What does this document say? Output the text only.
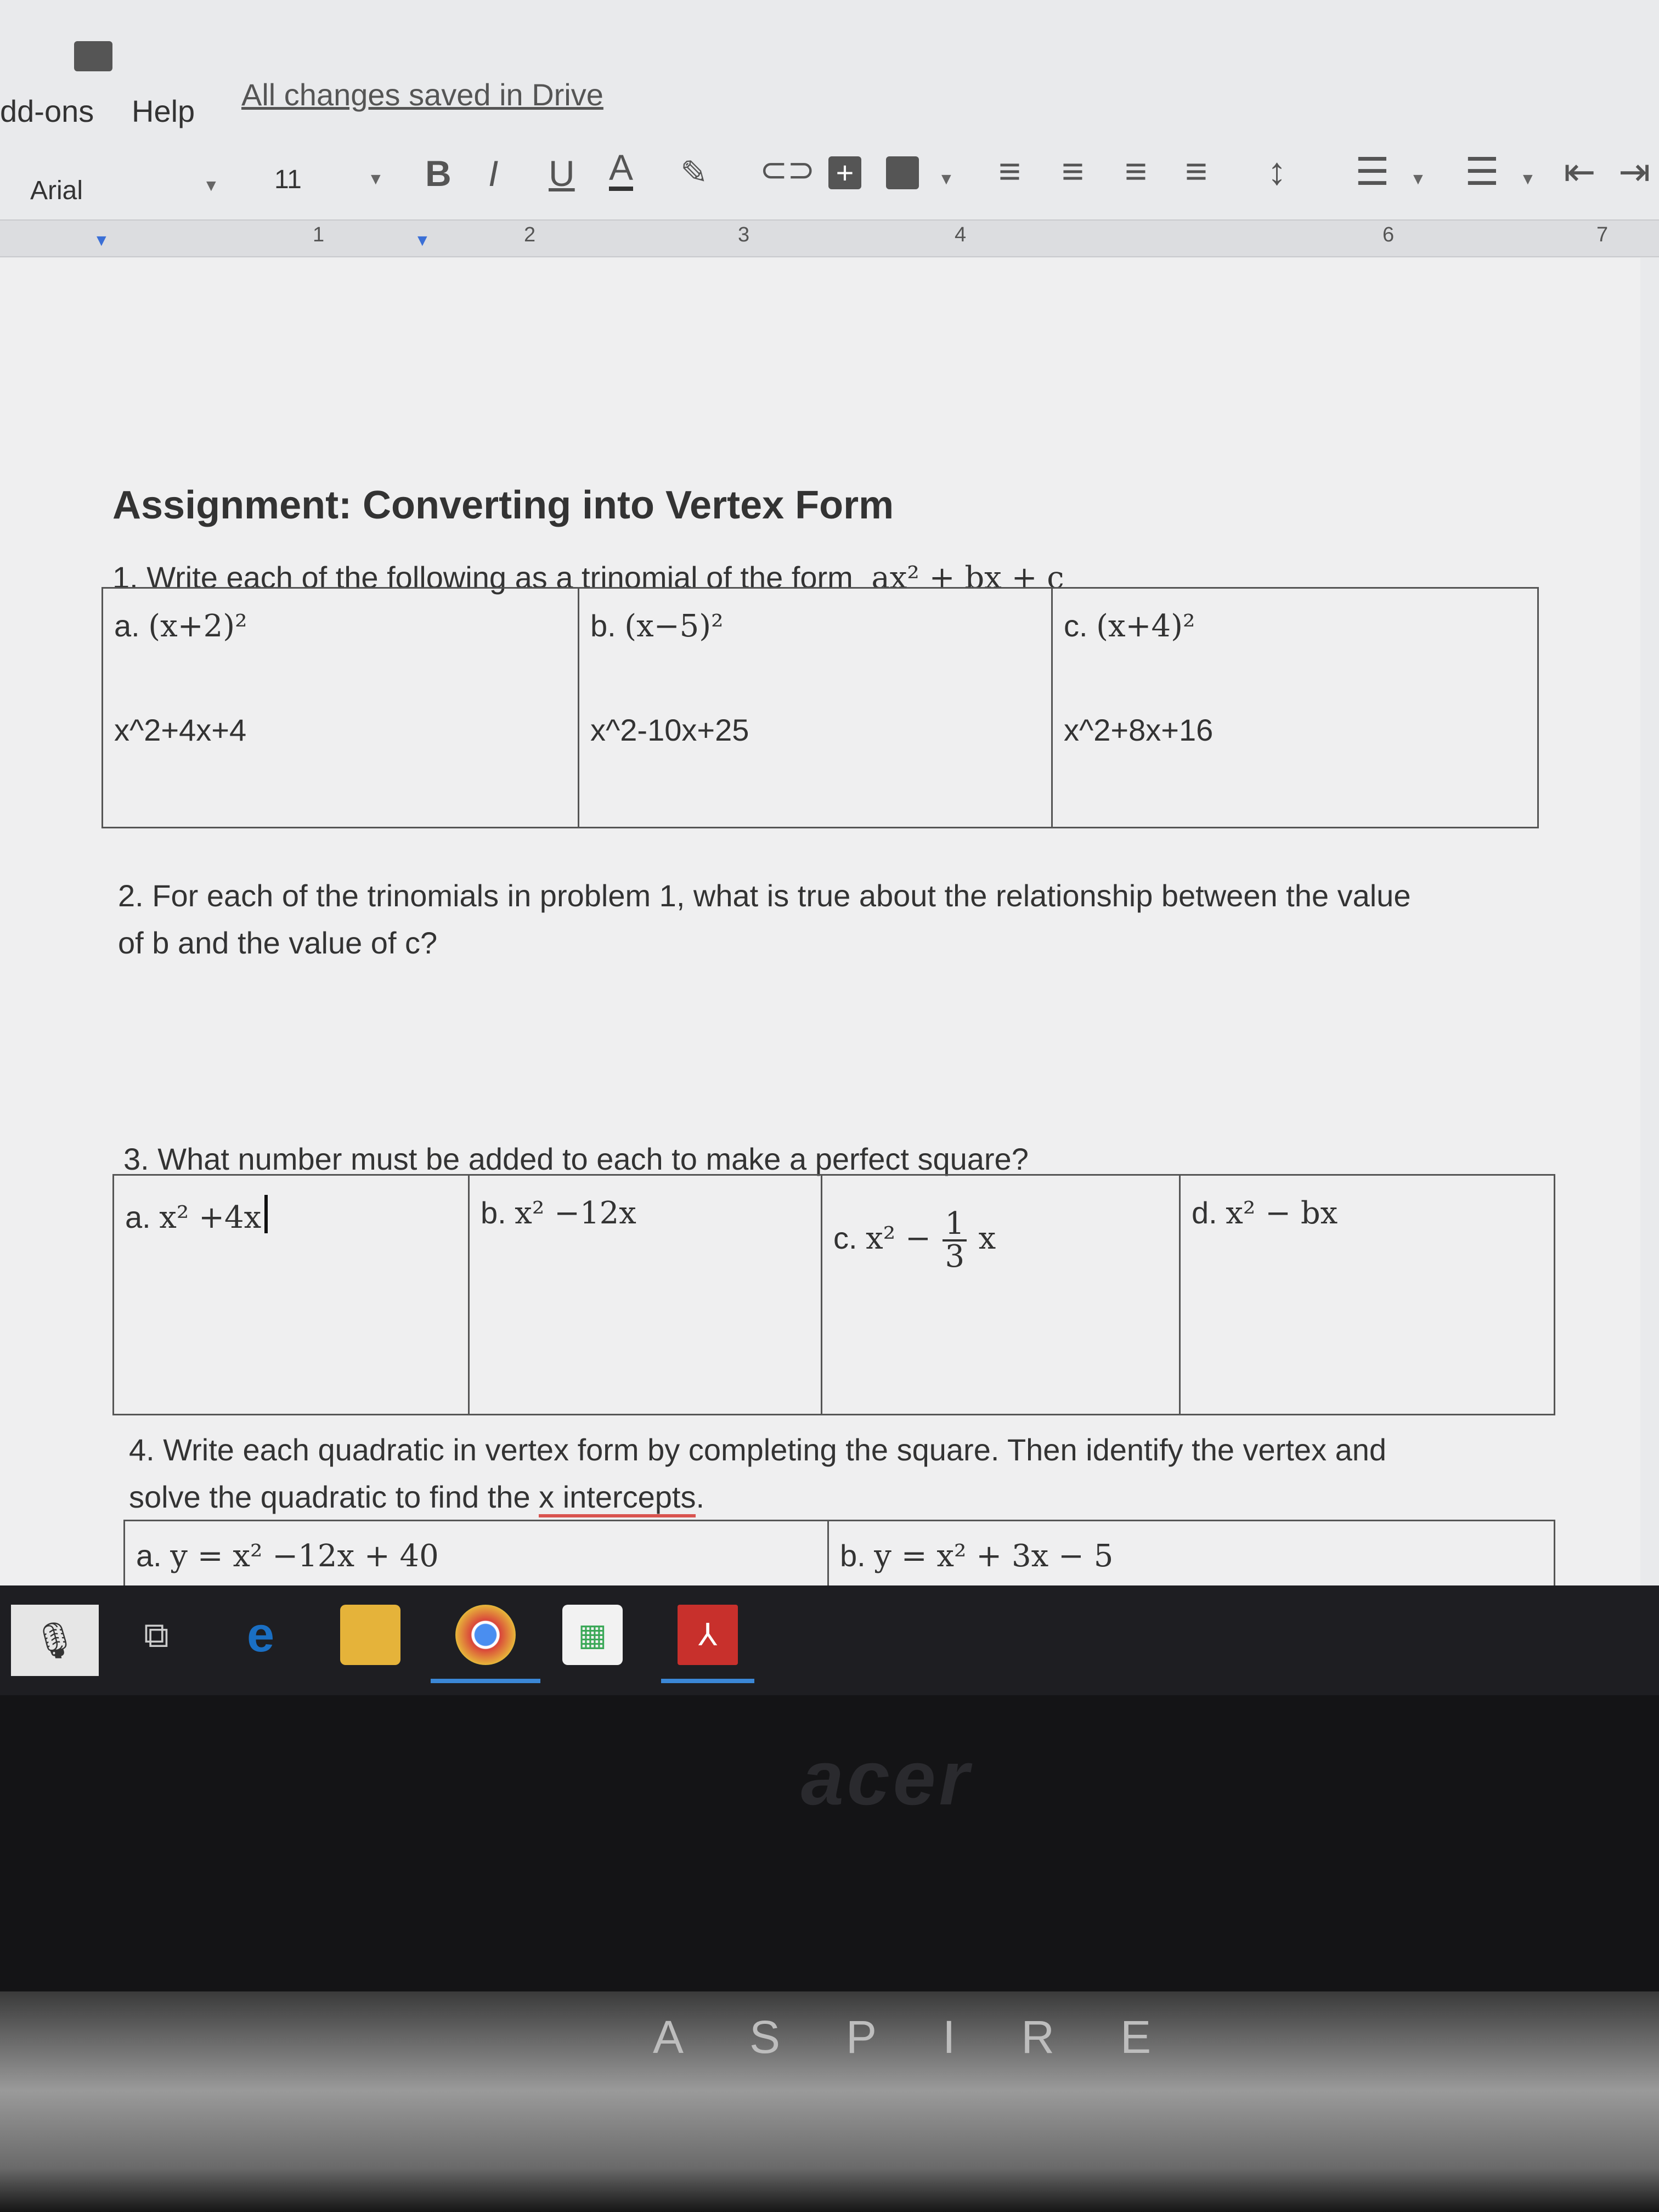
dd-ons Help All changes saved in Drive
Arial	▼ 11	▼ B I U A ✎ ⊂⊃ +	▼ ≡ ≡ ≡ ≡ ↕ ☰ ▼ ☰ ▼ ⇤ ⇥
▼	▼
1	2	3	4	6	7
Assignment: Converting into Vertex Form
1. Write each of the following as a trinomial of the form ax² + bx + c
a. (x+2)²
x^2+4x+4

b. (x−5)²
x^2-10x+25

c. (x+4)²
x^2+8x+16
2. For each of the trinomials in problem 1, what is true about the relationship between the value
of b and the value of c?
3. What number must be added to each to make a perfect square?
a. x² +4x	b. x² −12x

c. $x^2 - \frac{1}{3}$ x

d. x² − bx
4. Write each quadratic in vertex form by completing the square. Then identify the vertex and
solve the quadratic to find the x intercepts.
a. y = x² −12x + 40	b. y = x² + 3x − 5
🎙	⧉	e	▦	⅄
acer
ASPIRE
